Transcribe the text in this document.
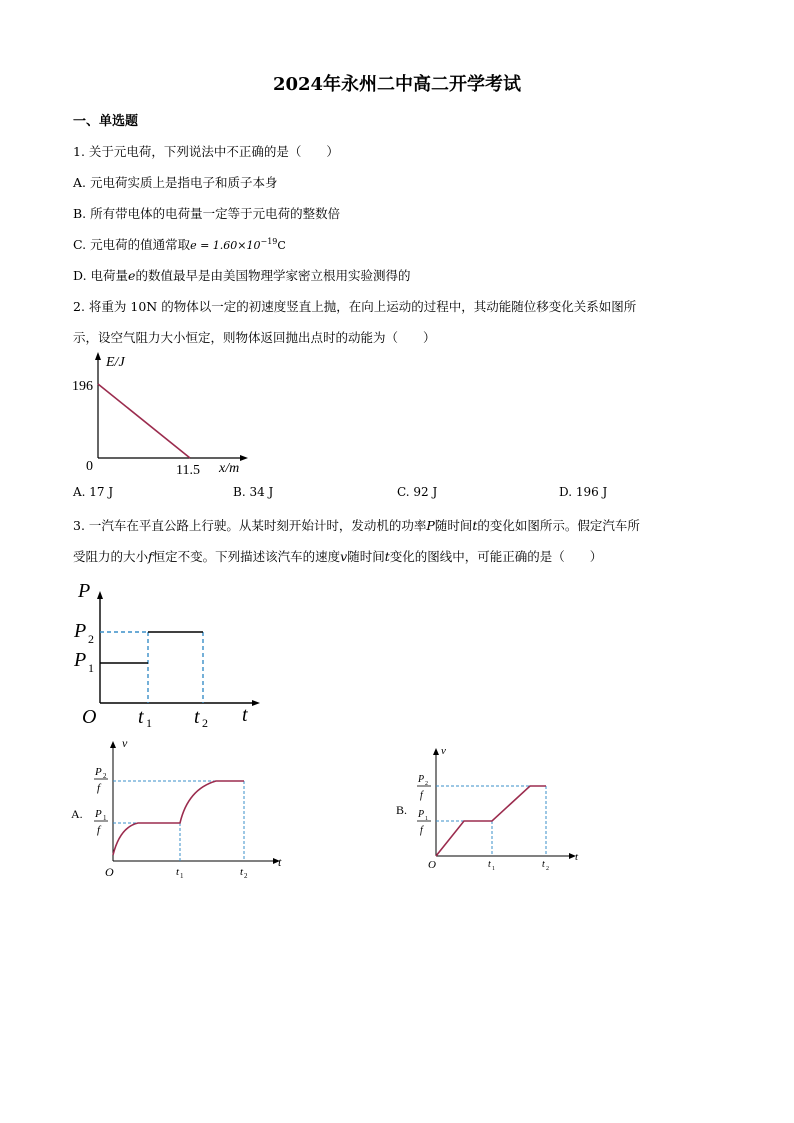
2024年永州二中高二开学考试
一、单选题
1. 关于元电荷，下列说法中不正确的是（　　）
A. 元电荷实质上是指电子和质子本身
B. 所有带电体的电荷量一定等于元电荷的整数倍
C. 元电荷的值通常取$e = 1.60\times 10^{-19}C$
D. 电荷量e的数值最早是由美国物理学家密立根用实验测得的
2. 将重为 10N 的物体以一定的初速度竖直上抛，在向上运动的过程中，其动能随位移变化关系如图所
示，设空气阻力大小恒定，则物体返回抛出点时的动能为（　　）
E/J
196
0	11.5 x/m
A. 17 J	B. 34 J	C. 92 J	D. 196 J
3. 一汽车在平直公路上行驶。从某时刻开始计时，发动机的功率P随时间t的变化如图所示。假定汽车所
受阻力的大小f恒定不变。下列描述该汽车的速度v随时间t变化的图线中，可能正确的是（　　）
P
P 2
P 1
O t 1 t 2 t
A.
v
P 2
f
P 1
f
O	t 1	t 2
t
B.
v
P 2
f
P 1
f
O	t 1	t 2
t
